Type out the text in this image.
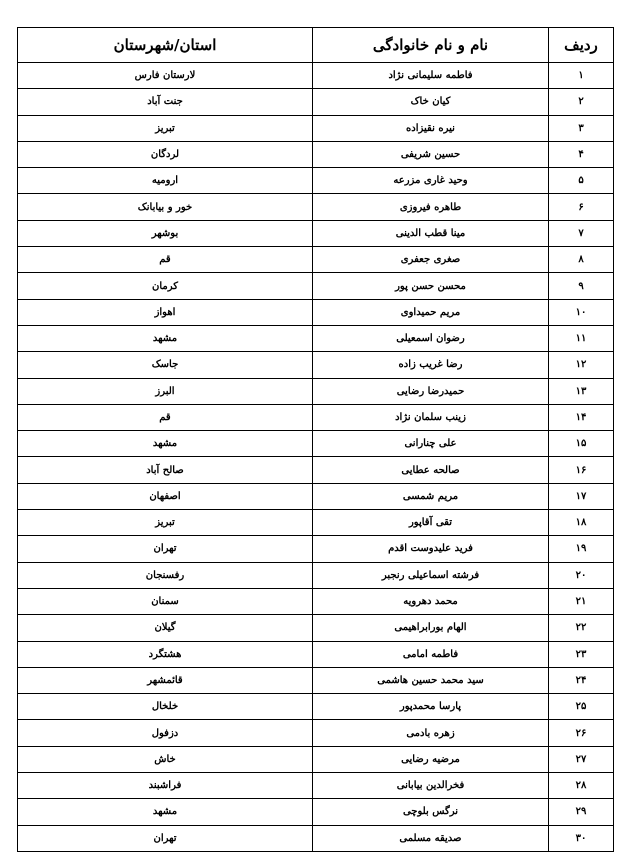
ردیف	نام و نام خانوادگی	استان/شهرستان
۱	فاطمه سلیمانی نژاد	لارستان فارس
۲	کیان خاک	جنت آباد
۳	نیره نقیزاده	تبریز
۴	حسین شریفی	لردگان
۵	وحید غاری مزرعه	ارومیه
۶	طاهره فیروزی	خور و بیابانک
۷	مینا قطب الدینی	بوشهر
۸	صغری جعفری	قم
۹	محسن حسن پور	کرمان
۱۰	مریم حمیداوی	اهواز
۱۱	رضوان اسمعیلی	مشهد
۱۲	رضا غریب زاده	جاسک
۱۳	حمیدرضا رضایی	البرز
۱۴	زینب سلمان نژاد	قم
۱۵	علی چنارانی	مشهد
۱۶	صالحه عطایی	صالح آباد
۱۷	مریم شمسی	اصفهان
۱۸	تقی آقاپور	تبریز
۱۹	فرید علیدوست اقدم	تهران
۲۰	فرشته اسماعیلی رنجبر	رفسنجان
۲۱	محمد دهرویه	سمنان
۲۲	الهام بورابراهیمی	گیلان
۲۳	فاطمه امامی	هشتگرد
۲۴	سید محمد حسین هاشمی	قائمشهر
۲۵	پارسا محمدپور	خلخال
۲۶	زهره بادمی	دزفول
۲۷	مرضیه رضایی	خاش
۲۸	فخرالدین بیابانی	فراشبند
۲۹	نرگس بلوچی	مشهد
۳۰	صدیقه مسلمی	تهران
